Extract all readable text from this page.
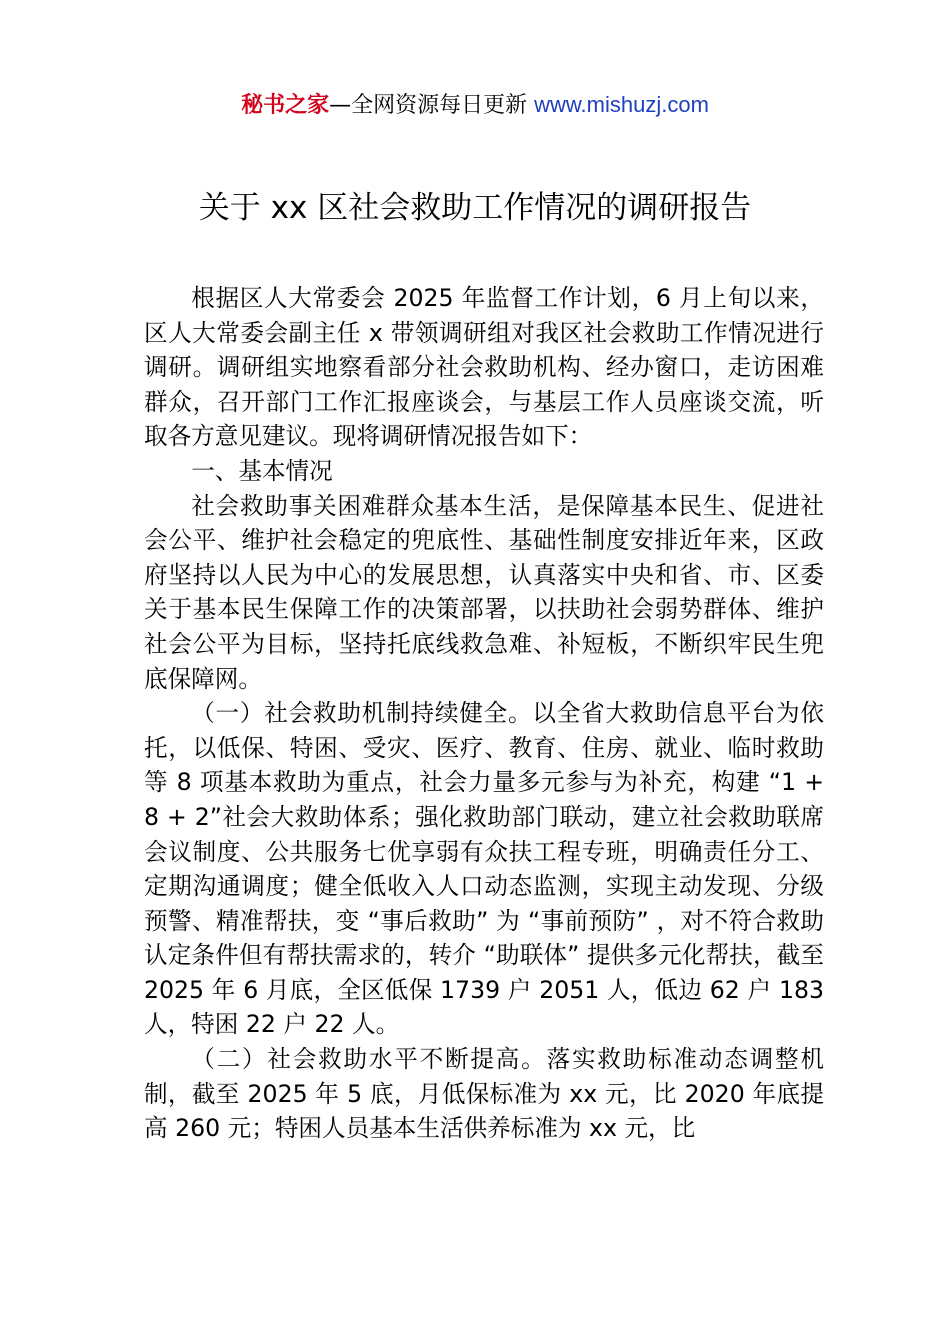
秘书之家—全网资源每日更新 www.mishuzj.com
关于 xx 区社会救助工作情况的调研报告

根据区人大常委会 2025 年监督工作计划，6 月上旬以来，区人大常委会副主任 x 带领调研组对我区社会救助工作情况进行调研。调研组实地察看部分社会救助机构、经办窗口，走访困难群众，召开部门工作汇报座谈会，与基层工作人员座谈交流，听取各方意见建议。现将调研情况报告如下：

一、基本情况

社会救助事关困难群众基本生活，是保障基本民生、促进社会公平、维护社会稳定的兜底性、基础性制度安排近年来，区政府坚持以人民为中心的发展思想，认真落实中央和省、市、区委关于基本民生保障工作的决策部署，以扶助社会弱势群体、维护社会公平为目标，坚持托底线救急难、补短板，不断织牢民生兜底保障网。

（一）社会救助机制持续健全。以全省大救助信息平台为依托，以低保、特困、受灾、医疗、教育、住房、就业、临时救助等 8 项基本救助为重点，社会力量多元参与为补充，构建 “1 + 8 + 2”社会大救助体系；强化救助部门联动，建立社会救助联席会议制度、公共服务七优享弱有众扶工程专班，明确责任分工、定期沟通调度；健全低收入人口动态监测，实现主动发现、分级预警、精准帮扶，变 “事后救助” 为 “事前预防” ，对不符合救助认定条件但有帮扶需求的，转介 “助联体” 提供多元化帮扶，截至 2025 年 6 月底，全区低保 1739 户 2051 人，低边 62 户 183 人，特困 22 户 22 人。

（二）社会救助水平不断提高。落实救助标准动态调整机制，截至 2025 年 5 底，月低保标准为 xx 元，比 2020 年底提高 260 元；特困人员基本生活供养标准为 xx 元，比
